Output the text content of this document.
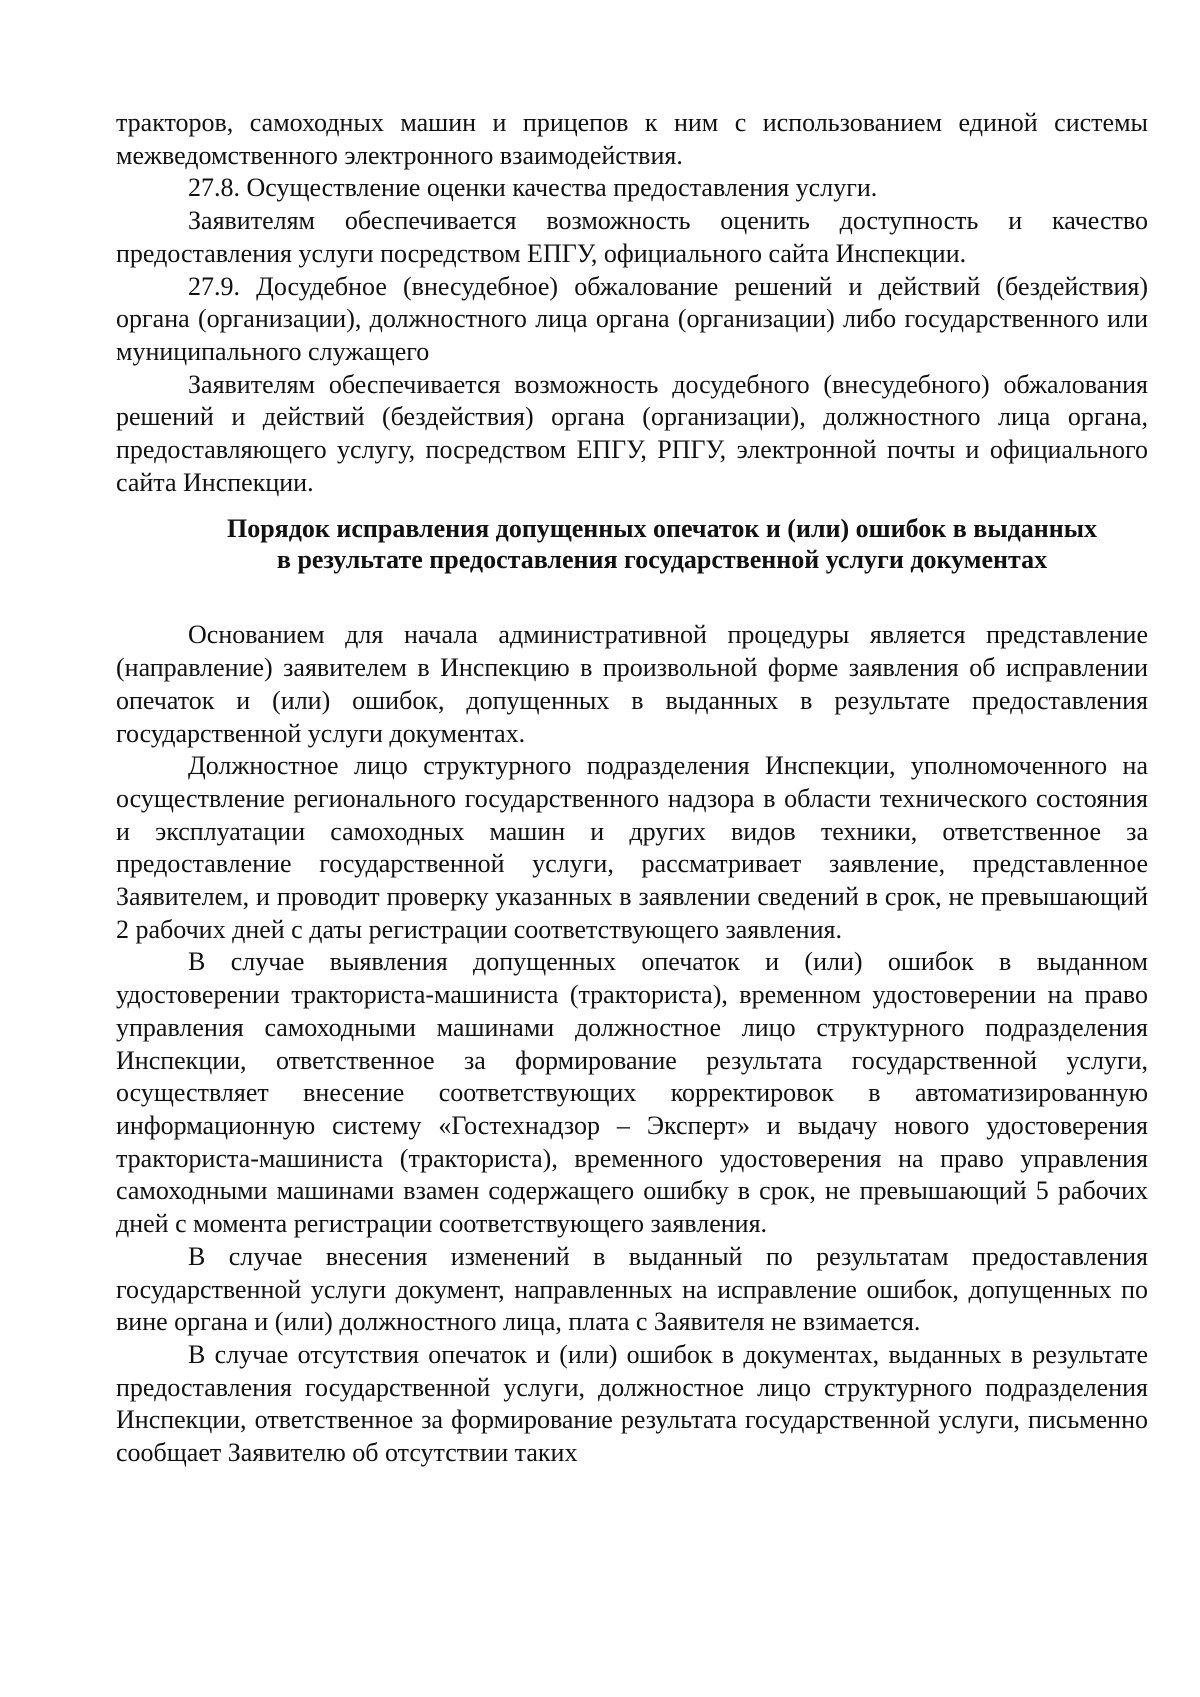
тракторов, самоходных машин и прицепов к ним с использованием единой системы межведомственного электронного взаимодействия.

27.8. Осуществление оценки качества предоставления услуги.

Заявителям обеспечивается возможность оценить доступность и качество предоставления услуги посредством ЕПГУ, официального сайта Инспекции.

27.9. Досудебное (внесудебное) обжалование решений и действий (бездействия) органа (организации), должностного лица органа (организации) либо государственного или муниципального служащего

Заявителям обеспечивается возможность досудебного (внесудебного) обжалования решений и действий (бездействия) органа (организации), должностного лица органа, предоставляющего услугу, посредством ЕПГУ, РПГУ, электронной почты и официального сайта Инспекции.

Порядок исправления допущенных опечаток и (или) ошибок в выданных
в результате предоставления государственной услуги документах

Основанием для начала административной процедуры является представление (направление) заявителем в Инспекцию в произвольной форме заявления об исправлении опечаток и (или) ошибок, допущенных в выданных в результате предоставления государственной услуги документах.

Должностное лицо структурного подразделения Инспекции, уполномоченного на осуществление регионального государственного надзора в области технического состояния и эксплуатации самоходных машин и других видов техники, ответственное за предоставление государственной услуги, рассматривает заявление, представленное Заявителем, и проводит проверку указанных в заявлении сведений в срок, не превышающий 2 рабочих дней с даты регистрации соответствующего заявления.

В случае выявления допущенных опечаток и (или) ошибок в выданном удостоверении тракториста-машиниста (тракториста), временном удостоверении на право управления самоходными машинами должностное лицо структурного подразделения Инспекции, ответственное за формирование результата государственной услуги, осуществляет внесение соответствующих корректировок в автоматизированную информационную систему «Гостехнадзор – Эксперт» и выдачу нового удостоверения тракториста-машиниста (тракториста), временного удостоверения на право управления самоходными машинами взамен содержащего ошибку в срок, не превышающий 5 рабочих дней с момента регистрации соответствующего заявления.

В случае внесения изменений в выданный по результатам предоставления государственной услуги документ, направленных на исправление ошибок, допущенных по вине органа и (или) должностного лица, плата с Заявителя не взимается.

В случае отсутствия опечаток и (или) ошибок в документах, выданных в результате предоставления государственной услуги, должностное лицо структурного подразделения Инспекции, ответственное за формирование результата государственной услуги, письменно сообщает Заявителю об отсутствии таких
